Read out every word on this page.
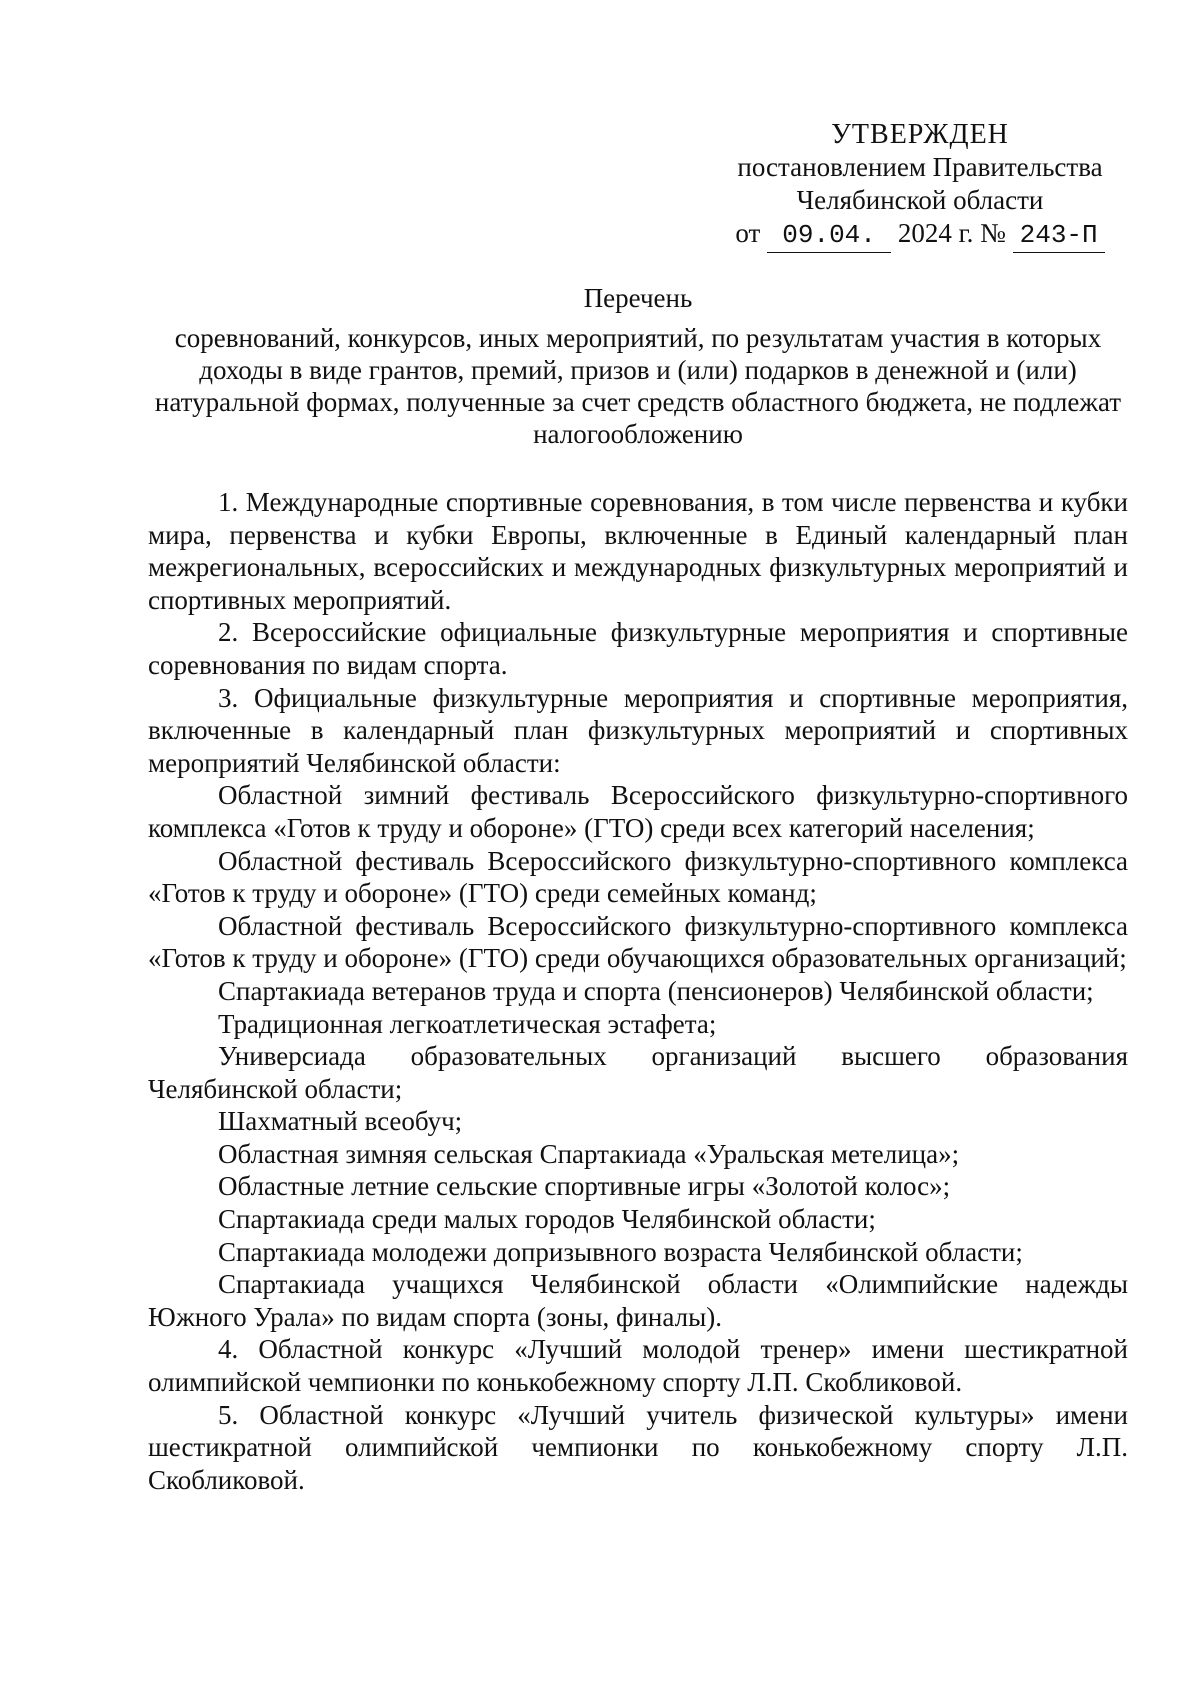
УТВЕРЖДЕН
постановлением Правительства
Челябинской области
от 09.04. 2024 г. № 243-П
Перечень
соревнований, конкурсов, иных мероприятий, по результатам участия в которых доходы в виде грантов, премий, призов и (или) подарков в денежной и (или) натуральной формах, полученные за счет средств областного бюджета, не подлежат налогообложению

1. Международные спортивные соревнования, в том числе первенства и кубки мира, первенства и кубки Европы, включенные в Единый календарный план межрегиональных, всероссийских и международных физкультурных мероприятий и спортивных мероприятий.

2. Всероссийские официальные физкультурные мероприятия и спортивные соревнования по видам спорта.

3. Официальные физкультурные мероприятия и спортивные мероприятия, включенные в календарный план физкультурных мероприятий и спортивных мероприятий Челябинской области:

Областной зимний фестиваль Всероссийского физкультурно-спортивного комплекса «Готов к труду и обороне» (ГТО) среди всех категорий населения;

Областной фестиваль Всероссийского физкультурно-спортивного комплекса «Готов к труду и обороне» (ГТО) среди семейных команд;

Областной фестиваль Всероссийского физкультурно-спортивного комплекса «Готов к труду и обороне» (ГТО) среди обучающихся образовательных организаций;

Спартакиада ветеранов труда и спорта (пенсионеров) Челябинской области;

Традиционная легкоатлетическая эстафета;

Универсиада образовательных организаций высшего образования Челябинской области;

Шахматный всеобуч;

Областная зимняя сельская Спартакиада «Уральская метелица»;

Областные летние сельские спортивные игры «Золотой колос»;

Спартакиада среди малых городов Челябинской области;

Спартакиада молодежи допризывного возраста Челябинской области;

Спартакиада учащихся Челябинской области «Олимпийские надежды Южного Урала» по видам спорта (зоны, финалы).

4. Областной конкурс «Лучший молодой тренер» имени шестикратной олимпийской чемпионки по конькобежному спорту Л.П. Скобликовой.

5. Областной конкурс «Лучший учитель физической культуры» имени шестикратной олимпийской чемпионки по конькобежному спорту Л.П. Скобликовой.
